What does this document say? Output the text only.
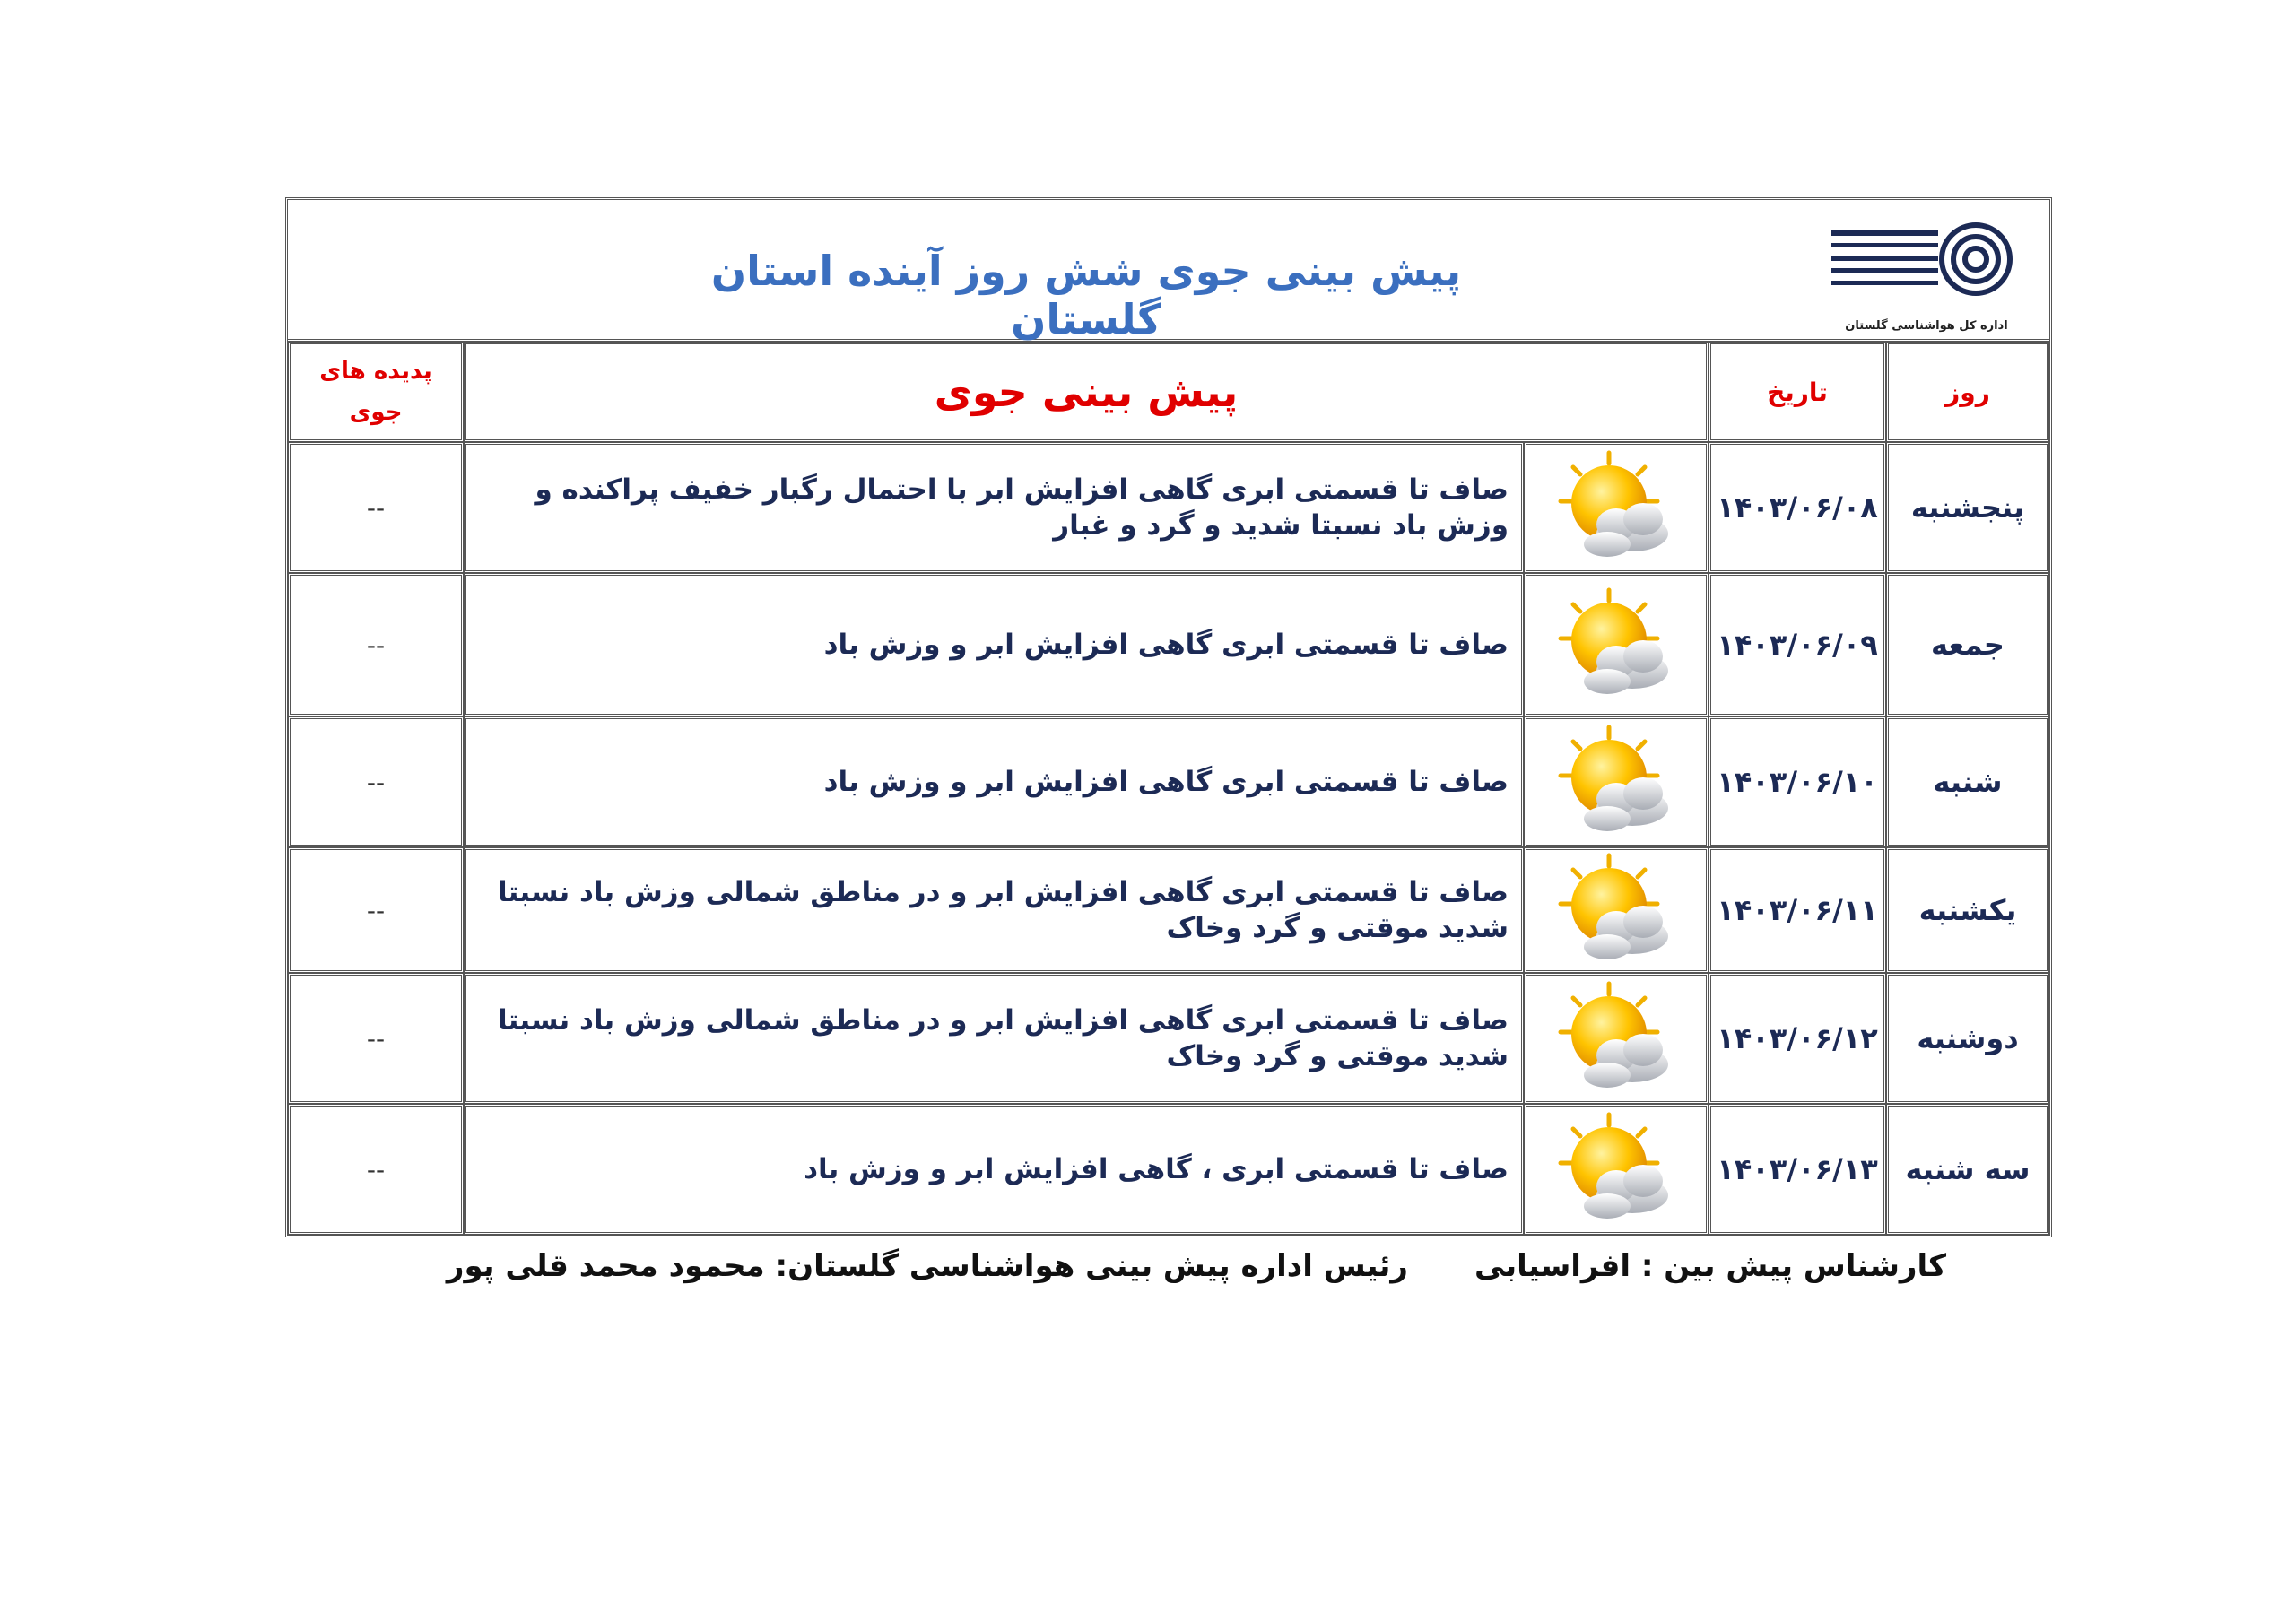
پیش بینی جوی شش روز آینده استان گلستان	اداره کل هواشناسی گلستان
روز	تاریخ	پیش بینی جوی		پدیده های جوی
پنجشنبه	۱۴۰۳/۰۶/۰۸		صاف تا قسمتی ابری گاهی افزایش ابر با احتمال رگبار خفیف پراکنده و وزش باد نسبتا شدید و گرد و غبار	--
جمعه	۱۴۰۳/۰۶/۰۹		صاف تا قسمتی ابری گاهی افزایش ابر و وزش باد	--
شنبه	۱۴۰۳/۰۶/۱۰		صاف تا قسمتی ابری گاهی افزایش ابر و وزش باد	--
یکشنبه	۱۴۰۳/۰۶/۱۱		صاف تا قسمتی ابری گاهی افزایش ابر و در مناطق شمالی وزش باد نسبتا شدید موقتی و گرد وخاک	--
دوشنبه	۱۴۰۳/۰۶/۱۲		صاف تا قسمتی ابری گاهی افزایش ابر و در مناطق شمالی وزش باد نسبتا شدید موقتی و گرد وخاک	--
سه شنبه	۱۴۰۳/۰۶/۱۳		صاف تا قسمتی ابری ، گاهی افزایش ابر و وزش باد	--
کارشناس پیش بین : افراسیابی
رئیس اداره پیش بینی هواشناسی گلستان: محمود محمد قلی پور
